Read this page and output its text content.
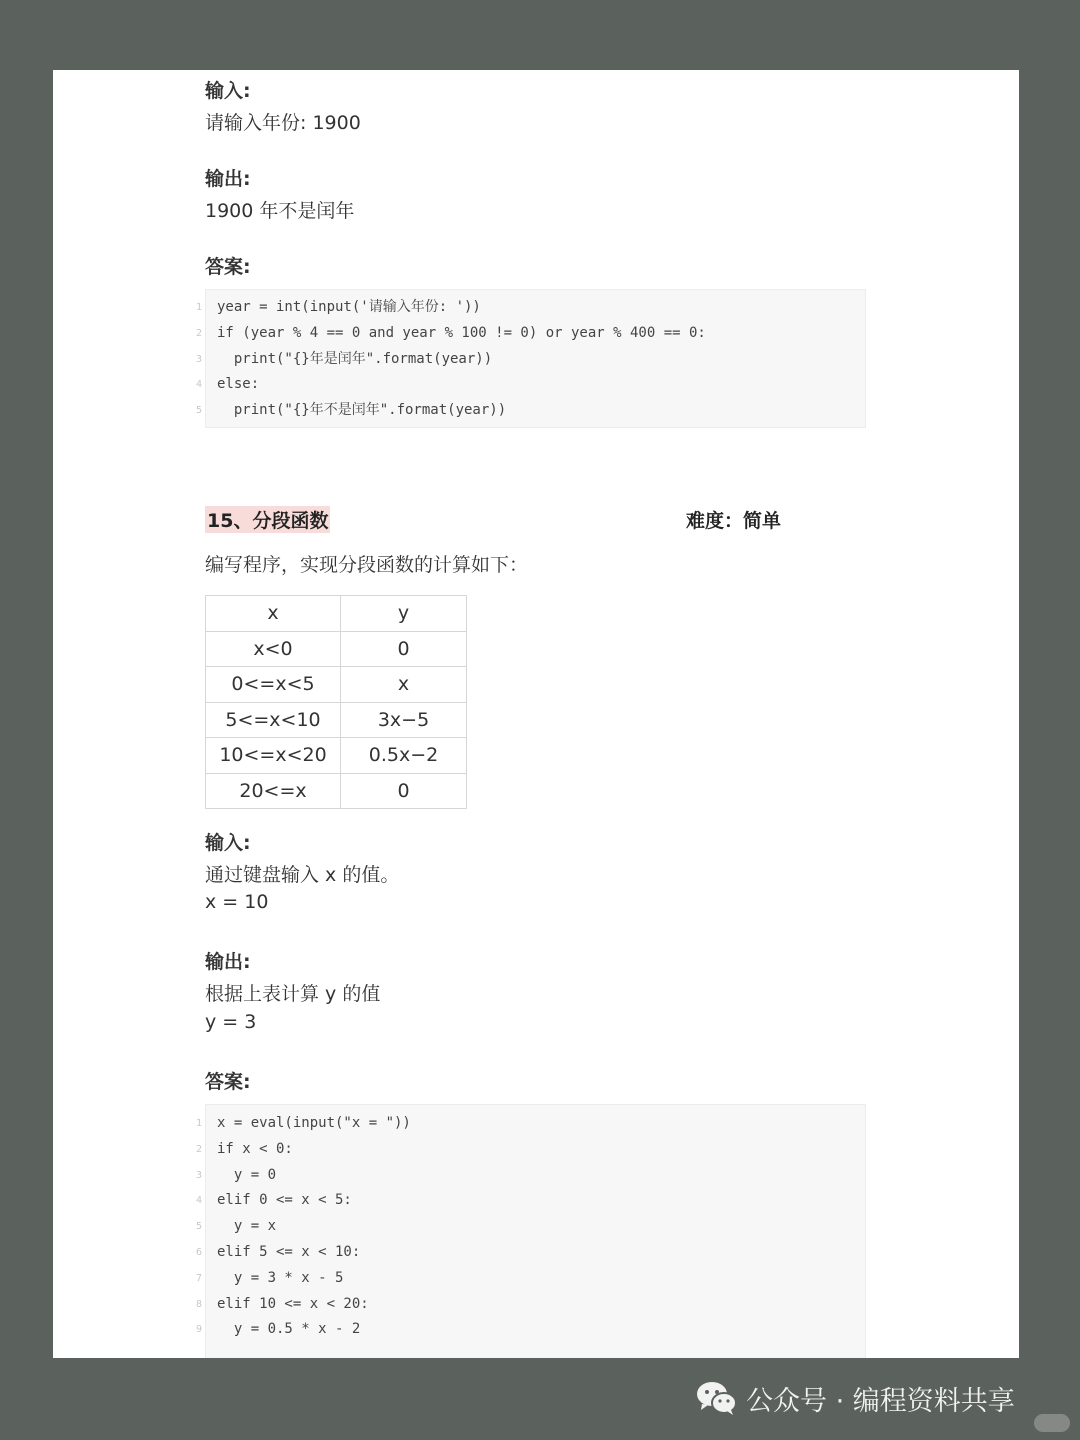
输入:
请输入年份: 1900
输出:
1900 年不是闰年
答案:
1 year = int(input('请输入年份: '))
2 if (year % 4 == 0 and year % 100 != 0) or year % 400 == 0:
3 print("{}年是闰年".format(year))
4 else:
5 print("{}年不是闰年".format(year))
15、分段函数	难度：简单
编写程序，实现分段函数的计算如下：
x	y
x<0	0
0<=x<5	x
5<=x<10	3x−5
10<=x<20	0.5x−2
20<=x	0
输入:
通过键盘输入 x 的值。
x = 10
输出:
根据上表计算 y 的值
y = 3
答案:
1 x = eval(input("x = "))
2 if x < 0:
3 y = 0
4 elif 0 <= x < 5:
5 y = x
6 elif 5 <= x < 10:
7 y = 3 * x - 5
8 elif 10 <= x < 20:
9 y = 0.5 * x - 2
公众号 · 编程资料共享
